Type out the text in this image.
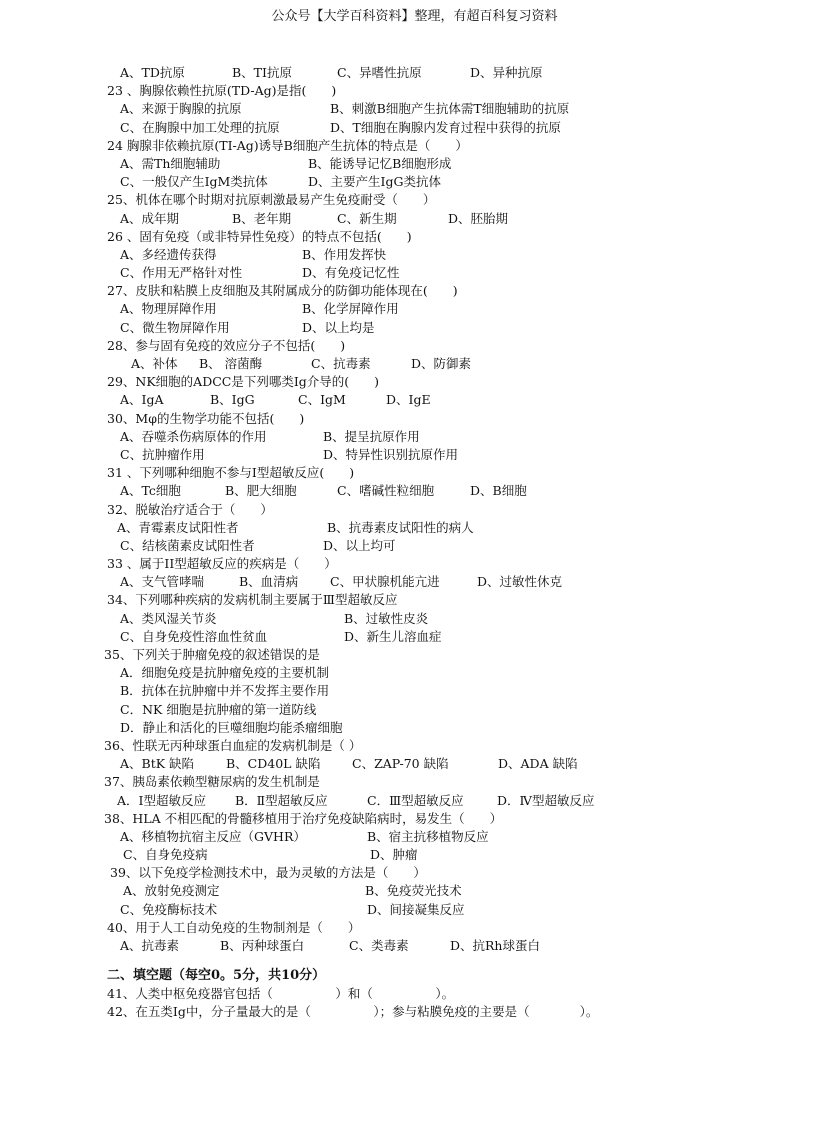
公众号【大学百科资料】整理，有超百科复习资料
A、TD抗原	B、TI抗原	C、异嗜性抗原	D、异种抗原
23 、胸腺依赖性抗原(TD-Ag)是指(　　)
A、来源于胸腺的抗原	B、刺激B细胞产生抗体需T细胞辅助的抗原
C、在胸腺中加工处理的抗原	D、T细胞在胸腺内发育过程中获得的抗原
24 胸腺非依赖抗原(TI-Ag)诱导B细胞产生抗体的特点是（　　）
A、需Th细胞辅助	B、能诱导记忆B细胞形成
C、一般仅产生IgM类抗体	D、主要产生IgG类抗体
25、机体在哪个时期对抗原刺激最易产生免疫耐受（　　）
A、成年期	B、老年期	C、新生期	D、胚胎期
26 、固有免疫（或非特异性免疫）的特点不包括(　　)
A、多经遗传获得	B、作用发挥快
C、作用无严格针对性	D、有免疫记忆性
27、皮肤和粘膜上皮细胞及其附属成分的防御功能体现在(　　)
A、物理屏障作用	B、化学屏障作用
C、微生物屏障作用	D、以上均是
28、参与固有免疫的效应分子不包括(　　)
A、补体 B、 溶菌酶	C、抗毒素	D、防御素
29、NK细胞的ADCC是下列哪类Ig介导的(　　)
A、IgA	B、IgG	C、IgM	D、IgE
30、Mφ的生物学功能不包括(　　)
A、吞噬杀伤病原体的作用	B、提呈抗原作用
C、抗肿瘤作用	D、特异性识别抗原作用
31 、下列哪种细胞不参与I型超敏反应(　　)
A、Tc细胞	B、肥大细胞	C、嗜碱性粒细胞	D、B细胞
32、脱敏治疗适合于（　　）
A、青霉素皮试阳性者	B、抗毒素皮试阳性的病人
C、结核菌素皮试阳性者	D、以上均可
33 、属于II型超敏反应的疾病是（　　）
A、支气管哮喘	B、血清病	C、甲状腺机能亢进	D、过敏性休克
34、下列哪种疾病的发病机制主要属于Ⅲ型超敏反应
A、类风湿关节炎	B、过敏性皮炎
C、自身免疫性溶血性贫血	D、新生儿溶血症
35、下列关于肿瘤免疫的叙述错误的是
A．细胞免疫是抗肿瘤免疫的主要机制
B．抗体在抗肿瘤中并不发挥主要作用
C．NK 细胞是抗肿瘤的第一道防线
D．静止和活化的巨噬细胞均能杀瘤细胞
36、性联无丙种球蛋白血症的发病机制是（ ）
A、BtK 缺陷	B、CD40L 缺陷	C、ZAP-70 缺陷	D、ADA 缺陷
37、胰岛素依赖型糖尿病的发生机制是
A．Ⅰ型超敏反应 B．Ⅱ型超敏反应	C．Ⅲ型超敏反应	D．Ⅳ型超敏反应
38、HLA 不相匹配的骨髓移植用于治疗免疫缺陷病时，易发生（　　）
A、移植物抗宿主反应（GVHR）	B、宿主抗移植物反应
C、自身免疫病	D、肿瘤
39、以下免疫学检测技术中，最为灵敏的方法是（　　）
A、放射免疫测定	B、免疫荧光技术
C、免疫酶标技术	D、间接凝集反应
40、用于人工自动免疫的生物制剂是（　　）
A、抗毒素	B、丙种球蛋白	C、类毒素	D、抗Rh球蛋白
二、填空题（每空0。5分，共10分）
41、人类中枢免疫器官包括（　　　　　）和（　　　　　）。
42、在五类Ig中，分子量最大的是（　　　　　）；参与粘膜免疫的主要是（　　　　）。
